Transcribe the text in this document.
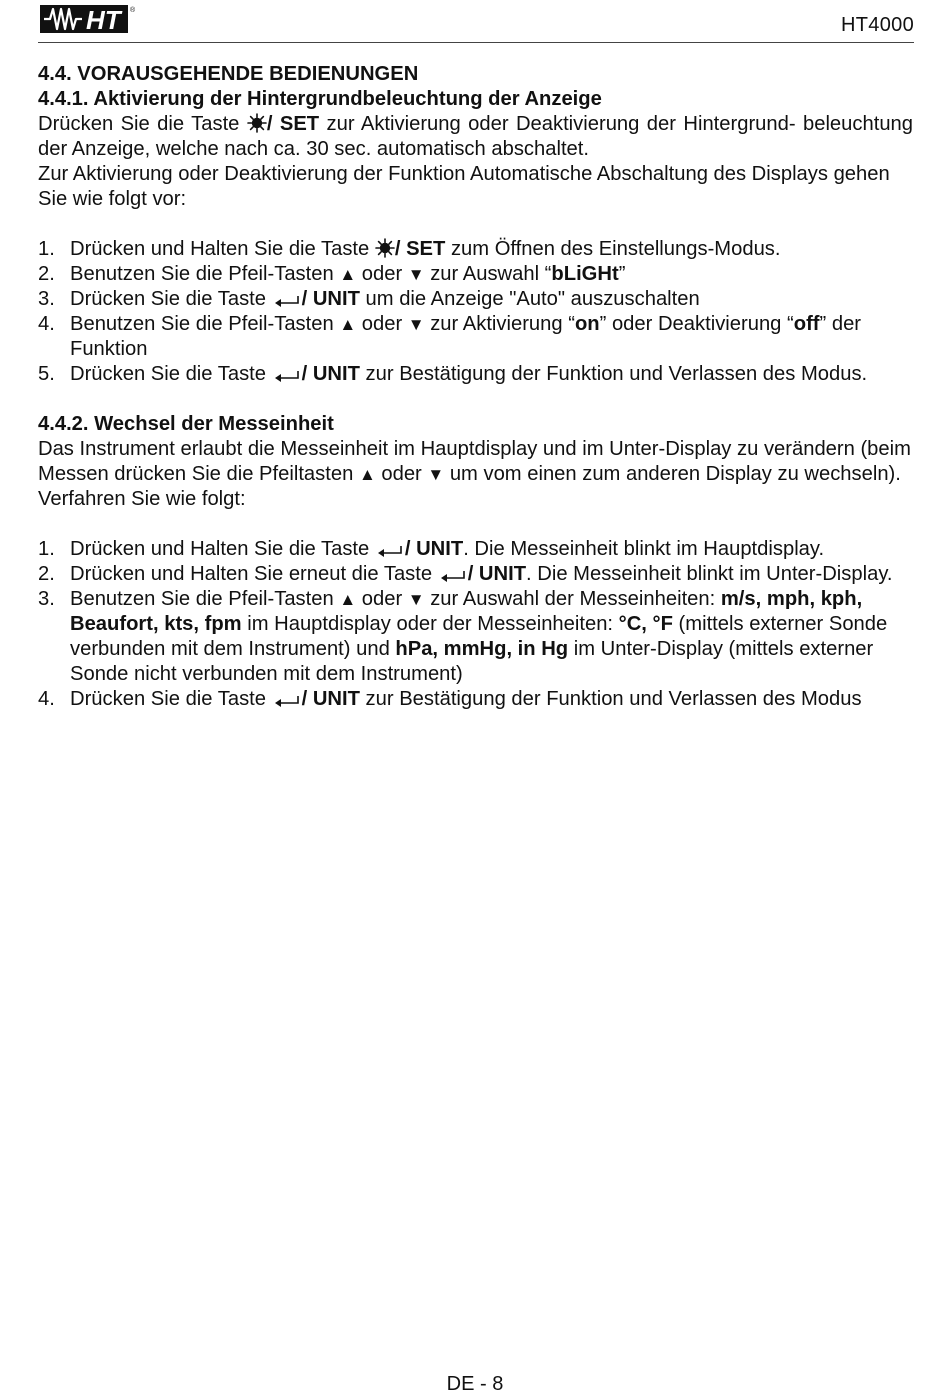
HT	®
HT4000
4.4. VORAUSGEHENDE BEDIENUNGEN
4.4.1. Aktivierung der Hintergrundbeleuchtung der Anzeige

Drücken Sie die Taste / SET zur Aktivierung oder Deaktivierung der Hintergrund- beleuchtung der Anzeige, welche nach ca. 30 sec. automatisch abschaltet.

Zur Aktivierung oder Deaktivierung der Funktion Automatische Abschaltung des Displays gehen Sie wie folgt vor:

1. Drücken und Halten Sie die Taste / SET zum Öffnen des Einstellungs-Modus.
2. Benutzen Sie die Pfeil-Tasten ▲ oder ▼ zur Auswahl “bLiGHt”
3. Drücken Sie die Taste / UNIT um die Anzeige "Auto" auszuschalten
4. Benutzen Sie die Pfeil-Tasten ▲ oder ▼ zur Aktivierung “on” oder Deaktivierung “off” der Funktion
5. Drücken Sie die Taste / UNIT zur Bestätigung der Funktion und Verlassen des Modus.
4.4.2. Wechsel der Messeinheit

Das Instrument erlaubt die Messeinheit im Hauptdisplay und im Unter-Display zu verändern (beim Messen drücken Sie die Pfeiltasten ▲ oder ▼ um vom einen zum anderen Display zu wechseln). Verfahren Sie wie folgt:

1. Drücken und Halten Sie die Taste / UNIT. Die Messeinheit blinkt im Hauptdisplay.
2. Drücken und Halten Sie erneut die Taste / UNIT. Die Messeinheit blinkt im Unter-Display.
3. Benutzen Sie die Pfeil-Tasten ▲ oder ▼ zur Auswahl der Messeinheiten: m/s, mph, kph, Beaufort, kts, fpm im Hauptdisplay oder der Messeinheiten: °C, °F (mittels externer Sonde verbunden mit dem Instrument) und hPa, mmHg, in Hg im Unter-Display (mittels externer Sonde nicht verbunden mit dem Instrument)
4. Drücken Sie die Taste / UNIT zur Bestätigung der Funktion und Verlassen des Modus
DE - 8
